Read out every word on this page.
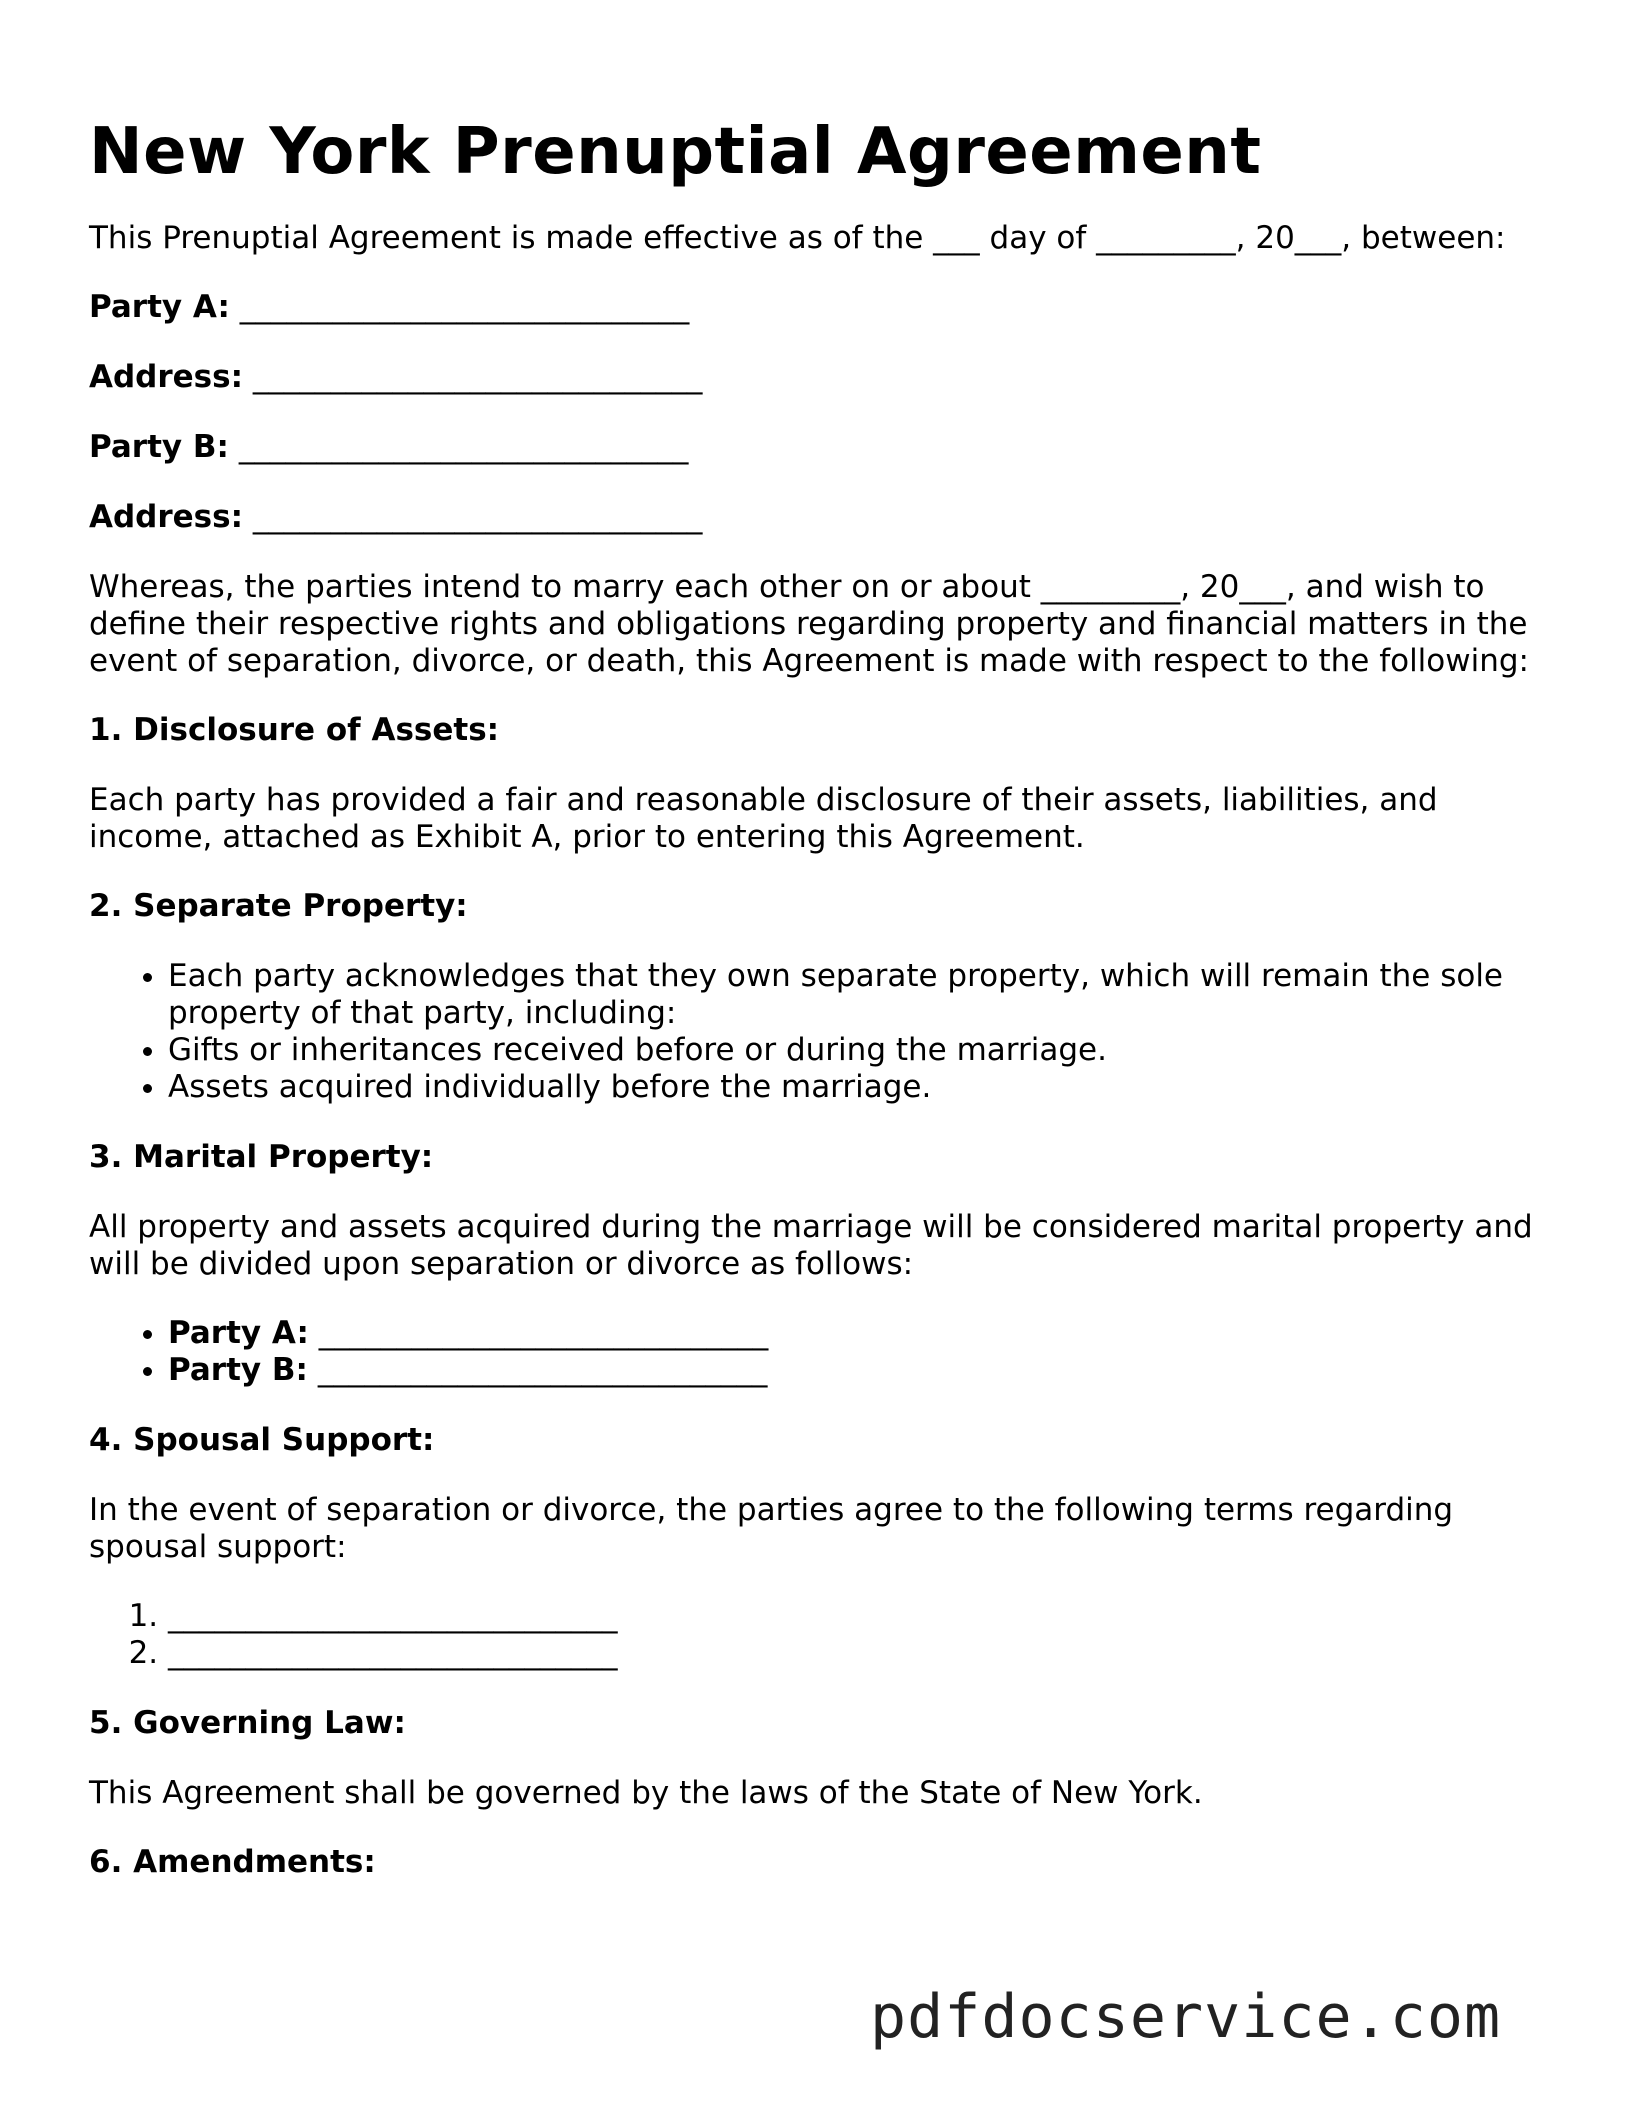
New York Prenuptial Agreement

This Prenuptial Agreement is made effective as of the ___ day of _________, 20___, between:

Party A: _____________________________
Address: _____________________________
Party B: _____________________________
Address: _____________________________

Whereas, the parties intend to marry each other on or about _________, 20___, and wish to define their respective rights and obligations regarding property and financial matters in the event of separation, divorce, or death, this Agreement is made with respect to the following:

1. Disclosure of Assets:

Each party has provided a fair and reasonable disclosure of their assets, liabilities, and income, attached as Exhibit A, prior to entering this Agreement.

2. Separate Property:
• Each party acknowledges that they own separate property, which will remain the sole property of that party, including:
• Gifts or inheritances received before or during the marriage.
• Assets acquired individually before the marriage.
3. Marital Property:

All property and assets acquired during the marriage will be considered marital property and will be divided upon separation or divorce as follows:

• Party A: _____________________________
• Party B: _____________________________
4. Spousal Support:

In the event of separation or divorce, the parties agree to the following terms regarding spousal support:

1. _____________________________
2. _____________________________
5. Governing Law:

This Agreement shall be governed by the laws of the State of New York.

6. Amendments:
pdfdocservice.com
